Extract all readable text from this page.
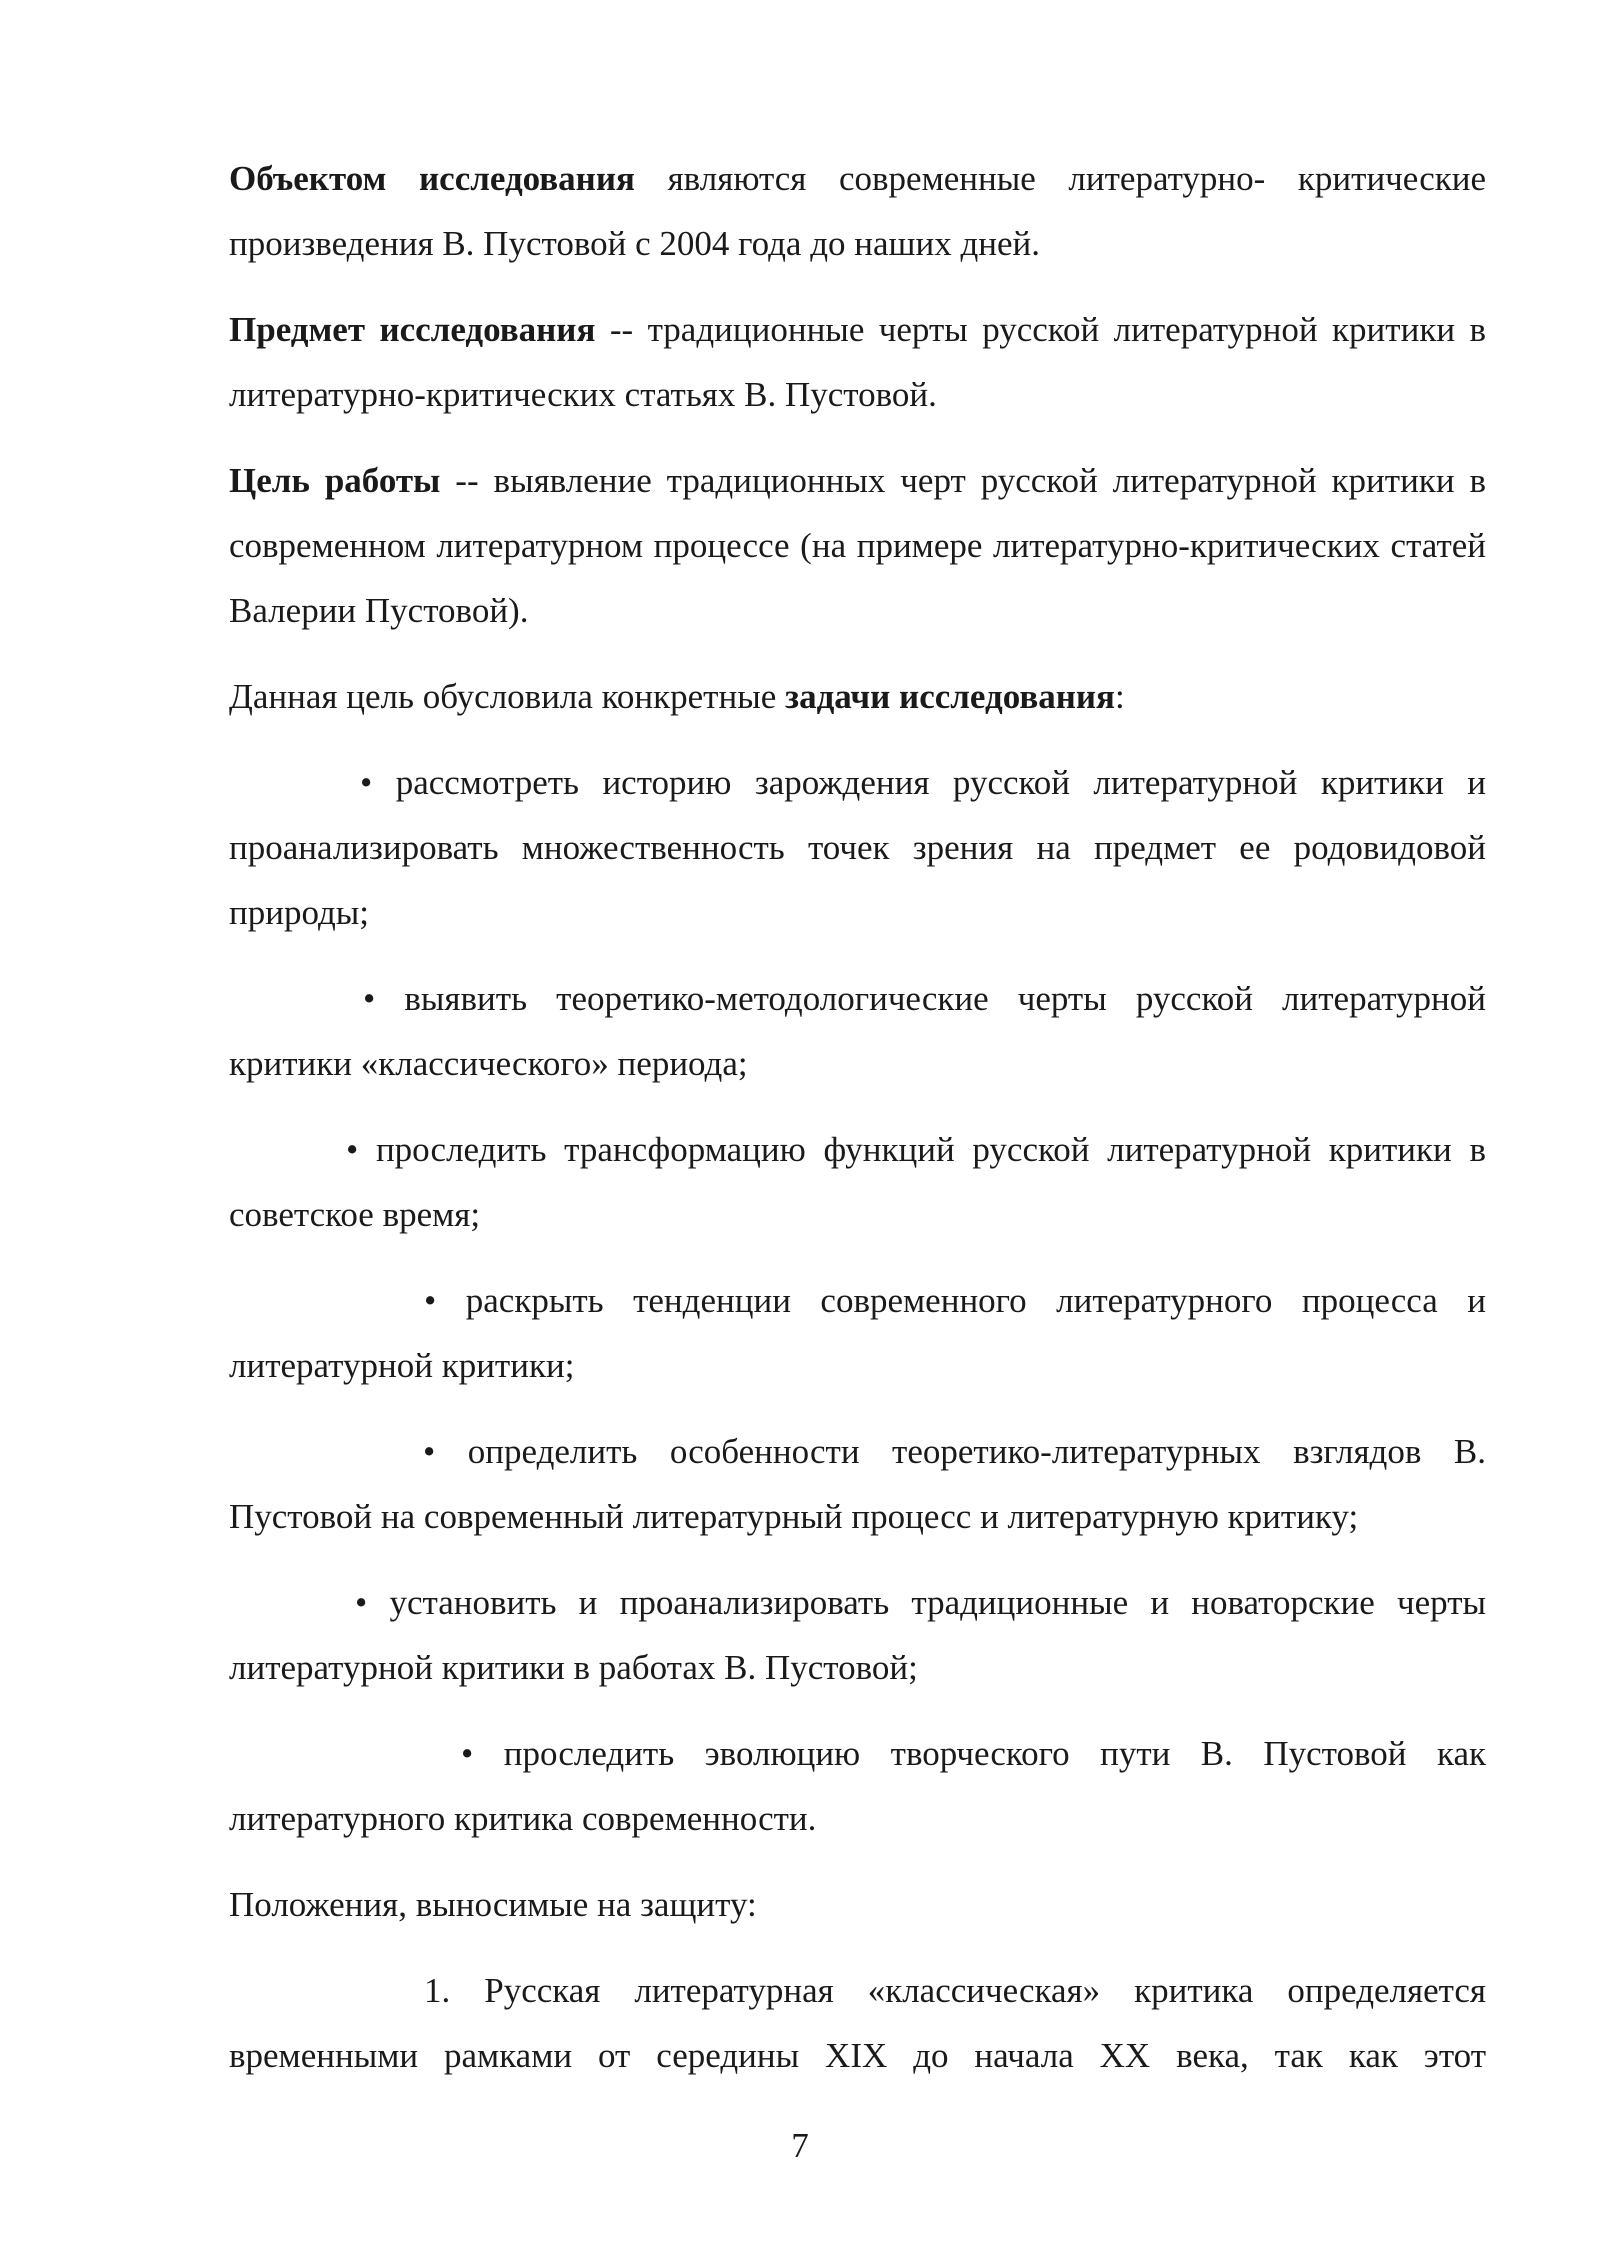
Объектом исследования являются современные литературно- критические произведения В. Пустовой с 2004 года до наших дней.

Предмет исследования -- традиционные черты русской литературной критики в литературно-критических статьях В. Пустовой.

Цель работы -- выявление традиционных черт русской литературной критики в современном литературном процессе (на примере литературно-критических статей Валерии Пустовой).

Данная цель обусловила конкретные задачи исследования:

• рассмотреть историю зарождения русской литературной критики и проанализировать множественность точек зрения на предмет ее родовидовой природы;

• выявить теоретико-методологические черты русской литературной критики «классического» периода;

• проследить трансформацию функций русской литературной критики в советское время;

• раскрыть тенденции современного литературного процесса и литературной критики;

• определить особенности теоретико-литературных взглядов В. Пустовой на современный литературный процесс и литературную критику;

• установить и проанализировать традиционные и новаторские черты литературной критики в работах В. Пустовой;

• проследить эволюцию творческого пути В. Пустовой как литературного критика современности.

Положения, выносимые на защиту:

1. Русская литературная «классическая» критика определяется временными рамками от середины XIX до начала XX века, так как этот

7
